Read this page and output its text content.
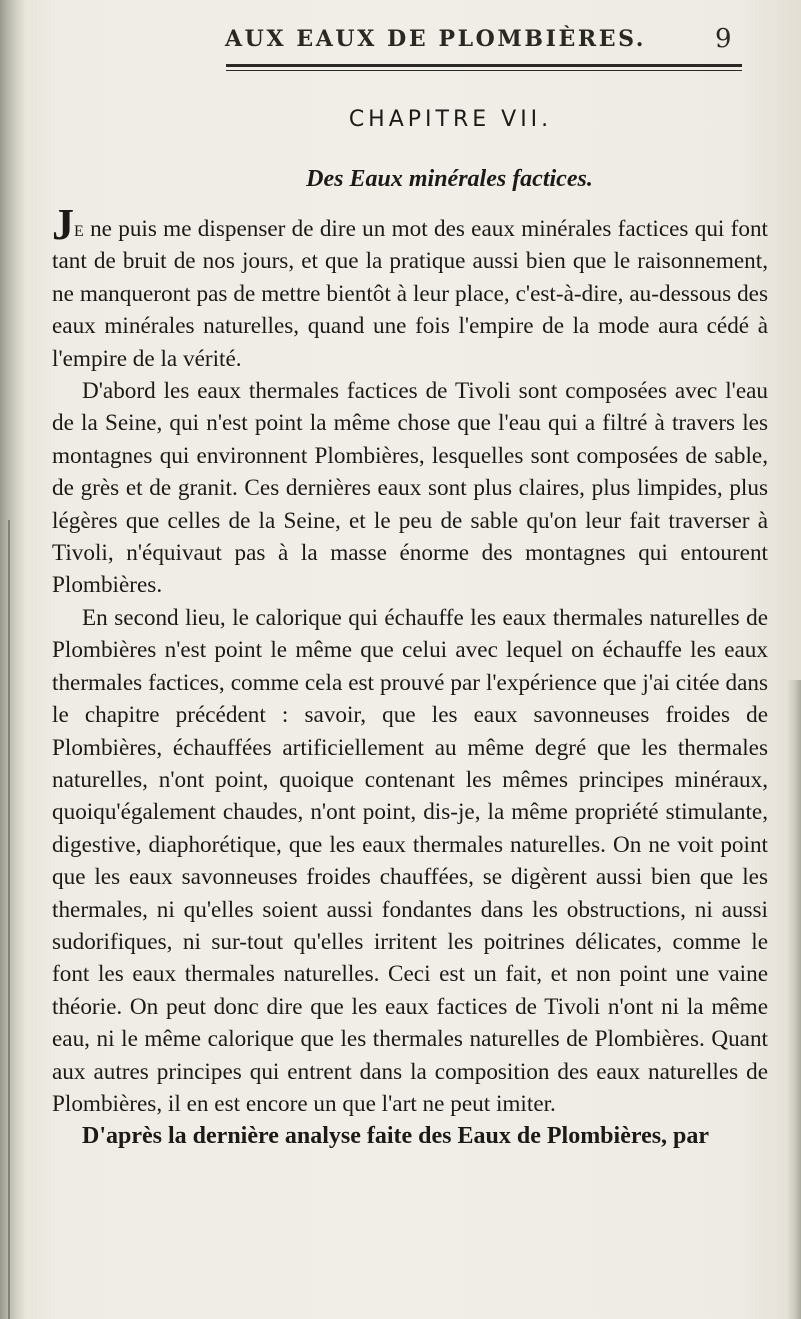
AUX EAUX DE PLOMBIÈRES.	9
CHAPITRE VII.
Des Eaux minérales factices.

Je ne puis me dispenser de dire un mot des eaux minérales factices qui font tant de bruit de nos jours, et que la pratique aussi bien que le raisonnement, ne manqueront pas de mettre bientôt à leur place, c'est-à-dire, au-dessous des eaux minérales naturelles, quand une fois l'empire de la mode aura cédé à l'empire de la vérité.

D'abord les eaux thermales factices de Tivoli sont composées avec l'eau de la Seine, qui n'est point la même chose que l'eau qui a filtré à travers les montagnes qui environnent Plombières, lesquelles sont composées de sable, de grès et de granit. Ces dernières eaux sont plus claires, plus limpides, plus légères que celles de la Seine, et le peu de sable qu'on leur fait traverser à Tivoli, n'équivaut pas à la masse énorme des montagnes qui entourent Plombières.

En second lieu, le calorique qui échauffe les eaux thermales naturelles de Plombières n'est point le même que celui avec lequel on échauffe les eaux thermales factices, comme cela est prouvé par l'expérience que j'ai citée dans le chapitre précédent : savoir, que les eaux savonneuses froides de Plombières, échauffées artificiellement au même degré que les thermales naturelles, n'ont point, quoique contenant les mêmes principes minéraux, quoiqu'également chaudes, n'ont point, dis-je, la même propriété stimulante, digestive, diaphorétique, que les eaux thermales naturelles. On ne voit point que les eaux savonneuses froides chauffées, se digèrent aussi bien que les thermales, ni qu'elles soient aussi fondantes dans les obstructions, ni aussi sudorifiques, ni sur-tout qu'elles irritent les poitrines délicates, comme le font les eaux thermales naturelles. Ceci est un fait, et non point une vaine théorie. On peut donc dire que les eaux factices de Tivoli n'ont ni la même eau, ni le même calorique que les thermales naturelles de Plombières. Quant aux autres principes qui entrent dans la composition des eaux naturelles de Plombières, il en est encore un que l'art ne peut imiter.

D'après la dernière analyse faite des Eaux de Plombières, par
